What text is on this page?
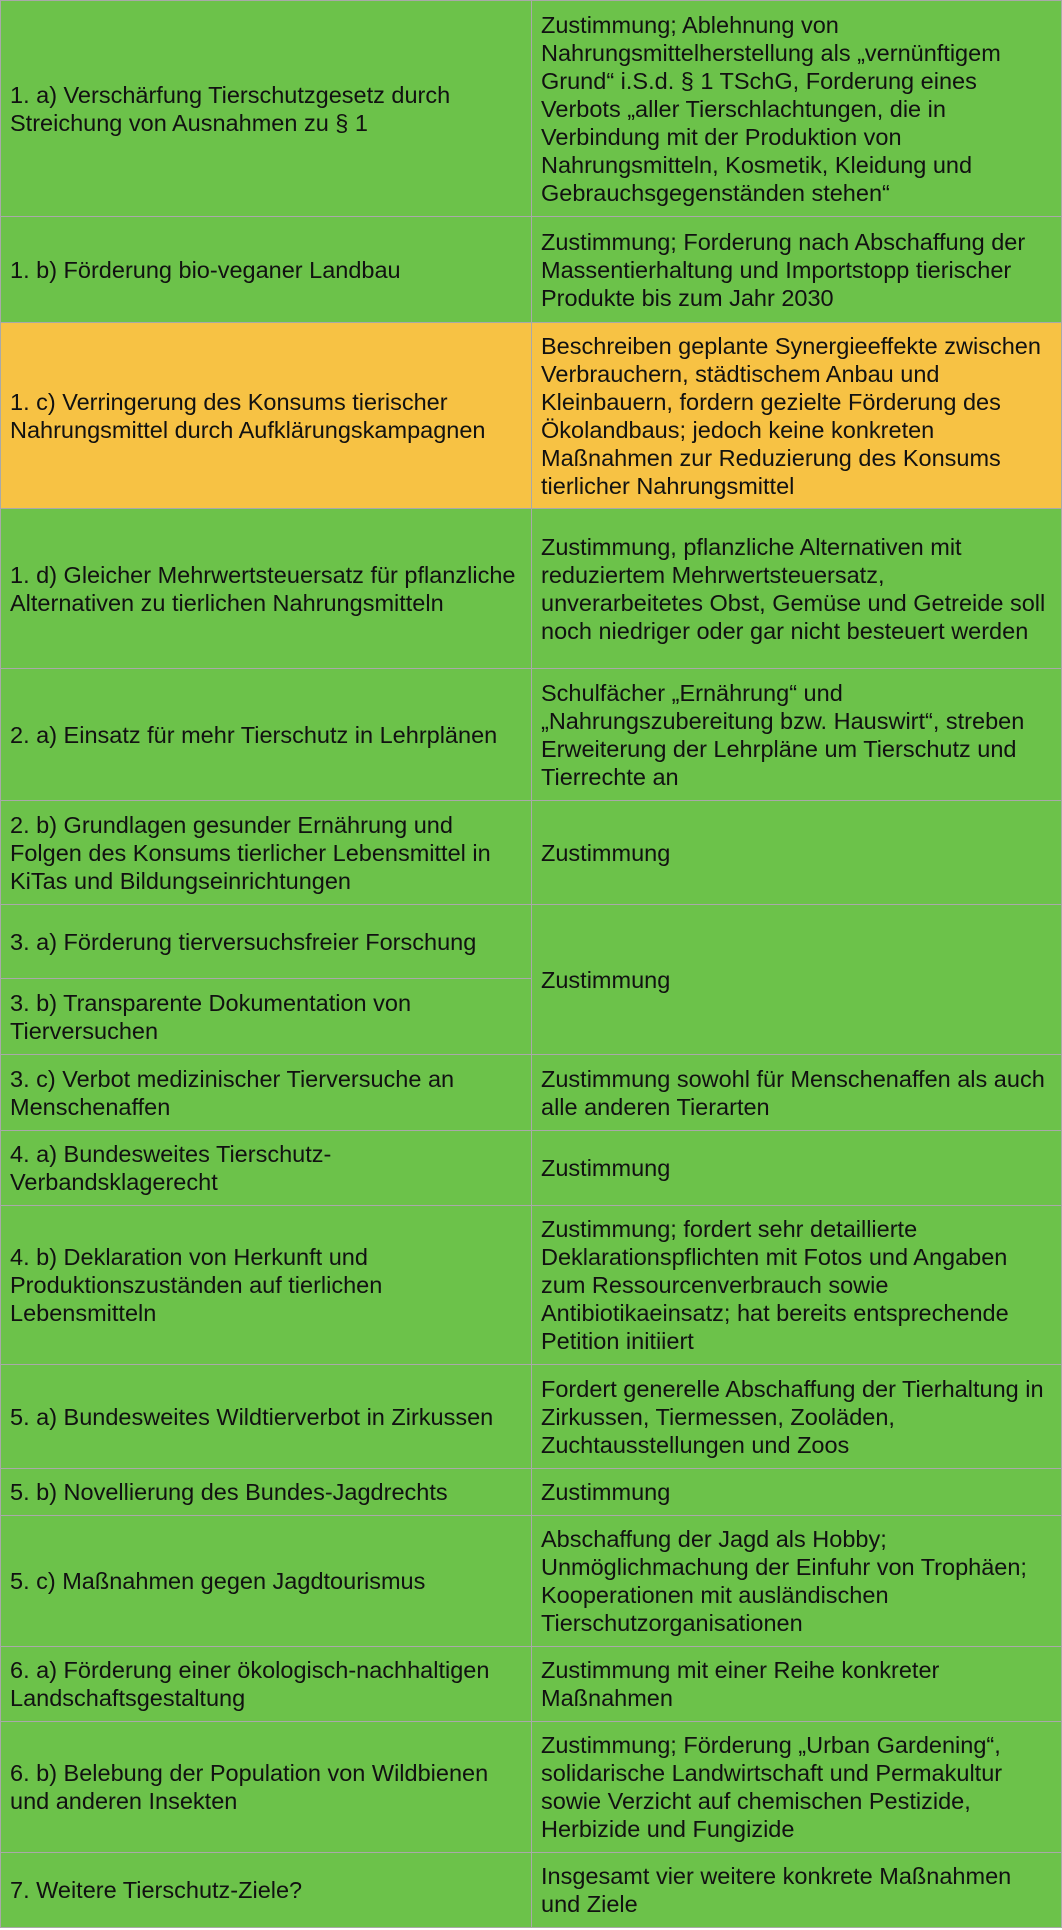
1. a) Verschärfung Tierschutzgesetz durch Streichung von Ausnahmen zu § 1	Zustimmung; Ablehnung von Nahrungsmittelherstellung als „vernünftigem Grund“ i.S.d. § 1 TSchG, Forderung eines Verbots „aller Tierschlachtungen, die in Verbindung mit der Produktion von Nahrungsmitteln, Kosmetik, Kleidung und Gebrauchsgegenständen stehen“
1. b) Förderung bio-veganer Landbau	Zustimmung; Forderung nach Abschaffung der Massentierhaltung und Importstopp tierischer Produkte bis zum Jahr 2030
1. c) Verringerung des Konsums tierischer Nahrungsmittel durch Aufklärungskampagnen	Beschreiben geplante Synergieeffekte zwischen Verbrauchern, städtischem Anbau und Kleinbauern, fordern gezielte Förderung des Ökolandbaus; jedoch keine konkreten Maßnahmen zur Reduzierung des Konsums tierlicher Nahrungsmittel
1. d) Gleicher Mehrwertsteuersatz für pflanzliche Alternativen zu tierlichen Nahrungsmitteln	Zustimmung, pflanzliche Alternativen mit reduziertem Mehrwertsteuersatz, unverarbeitetes Obst, Gemüse und Getreide soll noch niedriger oder gar nicht besteuert werden
2. a) Einsatz für mehr Tierschutz in Lehrplänen	Schulfächer „Ernährung“ und „Nahrungszubereitung bzw. Hauswirt“, streben Erweiterung der Lehrpläne um Tierschutz und Tierrechte an
2. b) Grundlagen gesunder Ernährung und Folgen des Konsums tierlicher Lebensmittel in KiTas und Bildungseinrichtungen	Zustimmung
3. a) Förderung tierversuchsfreier Forschung	Zustimmung
3. b) Transparente Dokumentation von Tierversuchen	
3. c) Verbot medizinischer Tierversuche an Menschenaffen	Zustimmung sowohl für Menschenaffen als auch alle anderen Tierarten
4. a) Bundesweites Tierschutz-Verbandsklagerecht	Zustimmung
4. b) Deklaration von Herkunft und Produktionszuständen auf tierlichen Lebensmitteln	Zustimmung; fordert sehr detaillierte Deklarationspflichten mit Fotos und Angaben zum Ressourcenverbrauch sowie Antibiotikaeinsatz; hat bereits entsprechende Petition initiiert
5. a) Bundesweites Wildtierverbot in Zirkussen	Fordert generelle Abschaffung der Tierhaltung in Zirkussen, Tiermessen, Zooläden, Zuchtausstellungen und Zoos
5. b) Novellierung des Bundes-Jagdrechts	Zustimmung
5. c) Maßnahmen gegen Jagdtourismus	Abschaffung der Jagd als Hobby; Unmöglichmachung der Einfuhr von Trophäen; Kooperationen mit ausländischen Tierschutzorganisationen
6. a) Förderung einer ökologisch-nachhaltigen Landschaftsgestaltung	Zustimmung mit einer Reihe konkreter Maßnahmen
6. b) Belebung der Population von Wildbienen und anderen Insekten	Zustimmung; Förderung „Urban Gardening“, solidarische Landwirtschaft und Permakultur sowie Verzicht auf chemischen Pestizide, Herbizide und Fungizide
7. Weitere Tierschutz-Ziele?	Insgesamt vier weitere konkrete Maßnahmen und Ziele
